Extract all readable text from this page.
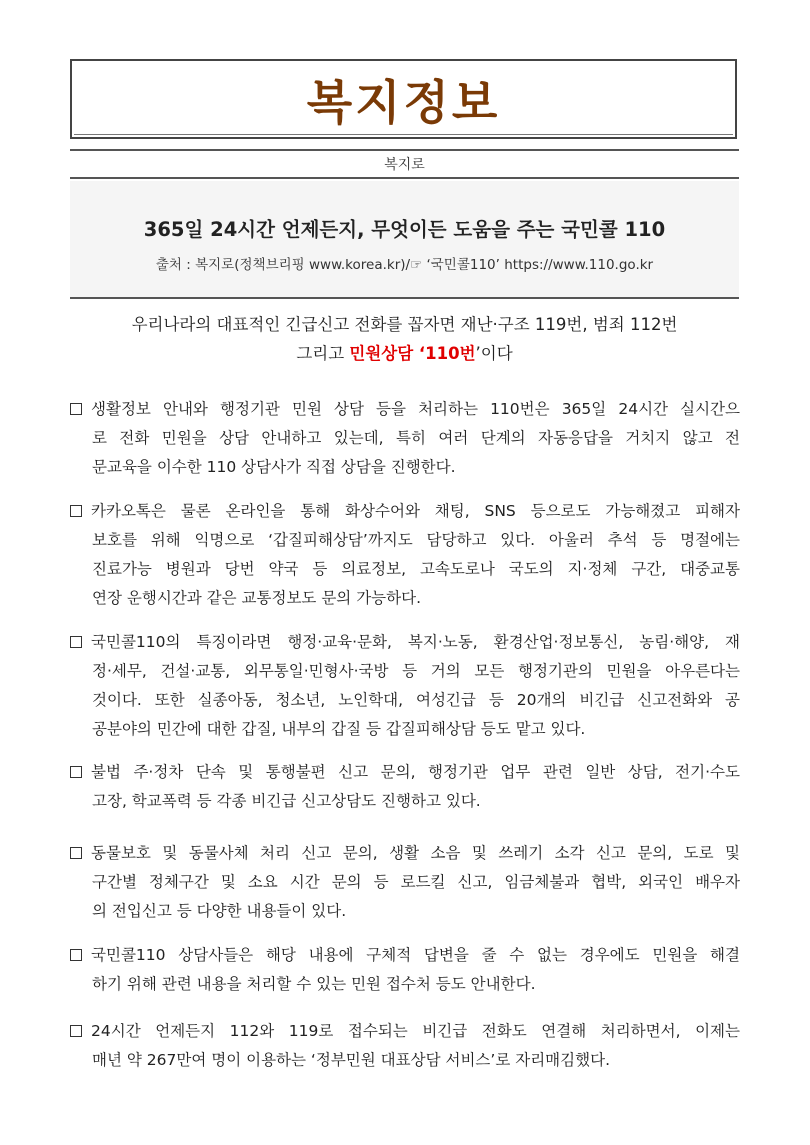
복지정보
복지로
365일 24시간 언제든지, 무엇이든 도움을 주는 국민콜 110
출처 : 복지로(정책브리핑 www.korea.kr)/☞ ‘국민콜110’ https://www.110.go.kr
우리나라의 대표적인 긴급신고 전화를 꼽자면 재난·구조 119번, 범죄 112번
그리고 민원상담 ‘110번’이다
생활정보 안내와 행정기관 민원 상담 등을 처리하는 110번은 365일 24시간 실시간으
로 전화 민원을 상담 안내하고 있는데, 특히 여러 단계의 자동응답을 거치지 않고 전
문교육을 이수한 110 상담사가 직접 상담을 진행한다.
카카오톡은 물론 온라인을 통해 화상수어와 채팅, SNS 등으로도 가능해졌고 피해자
보호를 위해 익명으로 ‘갑질피해상담’까지도 담당하고 있다. 아울러 추석 등 명절에는
진료가능 병원과 당번 약국 등 의료정보, 고속도로나 국도의 지·정체 구간, 대중교통
연장 운행시간과 같은 교통정보도 문의 가능하다.
국민콜110의 특징이라면 행정·교육·문화, 복지·노동, 환경산업·정보통신, 농림·해양, 재
정·세무, 건설·교통, 외무통일·민형사·국방 등 거의 모든 행정기관의 민원을 아우른다는
것이다. 또한 실종아동, 청소년, 노인학대, 여성긴급 등 20개의 비긴급 신고전화와 공
공분야의 민간에 대한 갑질, 내부의 갑질 등 갑질피해상담 등도 맡고 있다.
불법 주·정차 단속 및 통행불편 신고 문의, 행정기관 업무 관련 일반 상담, 전기·수도
고장, 학교폭력 등 각종 비긴급 신고상담도 진행하고 있다.
동물보호 및 동물사체 처리 신고 문의, 생활 소음 및 쓰레기 소각 신고 문의, 도로 및
구간별 정체구간 및 소요 시간 문의 등 로드킬 신고, 임금체불과 협박, 외국인 배우자
의 전입신고 등 다양한 내용들이 있다.
국민콜110 상담사들은 해당 내용에 구체적 답변을 줄 수 없는 경우에도 민원을 해결
하기 위해 관련 내용을 처리할 수 있는 민원 접수처 등도 안내한다.
24시간 언제든지 112와 119로 접수되는 비긴급 전화도 연결해 처리하면서, 이제는
매년 약 267만여 명이 이용하는 ‘정부민원 대표상담 서비스’로 자리매김했다.
